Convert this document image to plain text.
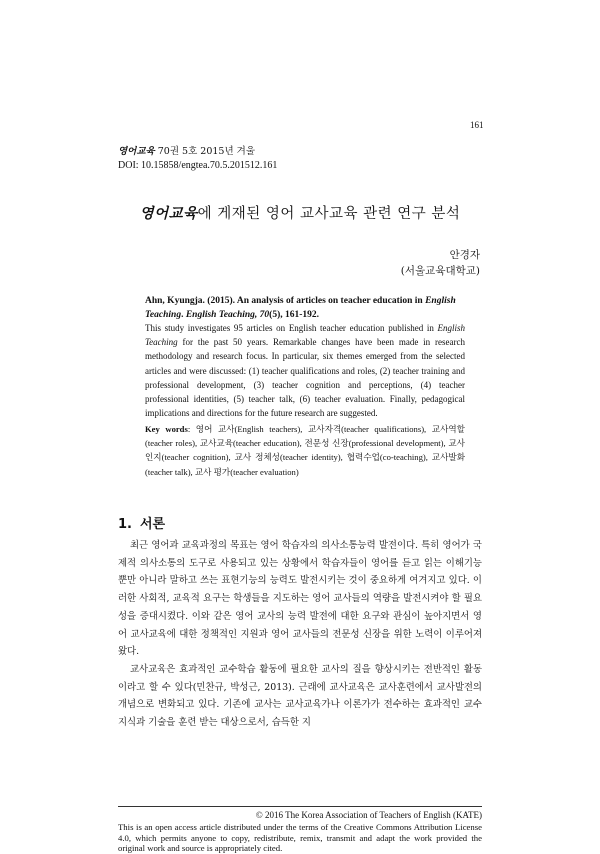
161
영어교육 70권 5호 2015년 겨울
DOI: 10.15858/engtea.70.5.201512.161
영어교육에 게재된 영어 교사교육 관련 연구 분석
안경자
(서울교육대학교)
Ahn, Kyungja. (2015). An analysis of articles on teacher education in English Teaching. English Teaching, 70(5), 161-192.
This study investigates 95 articles on English teacher education published in English Teaching for the past 50 years. Remarkable changes have been made in research methodology and research focus. In particular, six themes emerged from the selected articles and were discussed: (1) teacher qualifications and roles, (2) teacher training and professional development, (3) teacher cognition and perceptions, (4) teacher professional identities, (5) teacher talk, (6) teacher evaluation. Finally, pedagogical implications and directions for the future research are suggested.
Key words: 영어 교사(English teachers), 교사자격(teacher qualifications), 교사역할(teacher roles), 교사교육(teacher education), 전문성 신장(professional development), 교사인지(teacher cognition), 교사 정체성(teacher identity), 협력수업(co-teaching), 교사발화(teacher talk), 교사 평가(teacher evaluation)
1. 서론

최근 영어과 교육과정의 목표는 영어 학습자의 의사소통능력 발전이다. 특히 영어가 국제적 의사소통의 도구로 사용되고 있는 상황에서 학습자들이 영어를 듣고 읽는 이해기능뿐만 아니라 말하고 쓰는 표현기능의 능력도 발전시키는 것이 중요하게 여겨지고 있다. 이러한 사회적, 교육적 요구는 학생들을 지도하는 영어 교사들의 역량을 발전시켜야 할 필요성을 증대시켰다. 이와 같은 영어 교사의 능력 발전에 대한 요구와 관심이 높아지면서 영어 교사교육에 대한 정책적인 지원과 영어 교사들의 전문성 신장을 위한 노력이 이루어져 왔다.

교사교육은 효과적인 교수학습 활동에 필요한 교사의 질을 향상시키는 전반적인 활동이라고 할 수 있다(민찬규, 박성근, 2013). 근래에 교사교육은 교사훈련에서 교사발전의 개념으로 변화되고 있다. 기존에 교사는 교사교육가나 이론가가 전수하는 효과적인 교수 지식과 기술을 훈련 받는 대상으로서, 습득한 지

© 2016 The Korea Association of Teachers of English (KATE)
This is an open access article distributed under the terms of the Creative Commons Attribution License 4.0, which permits anyone to copy, redistribute, remix, transmit and adapt the work provided the original work and source is appropriately cited.
